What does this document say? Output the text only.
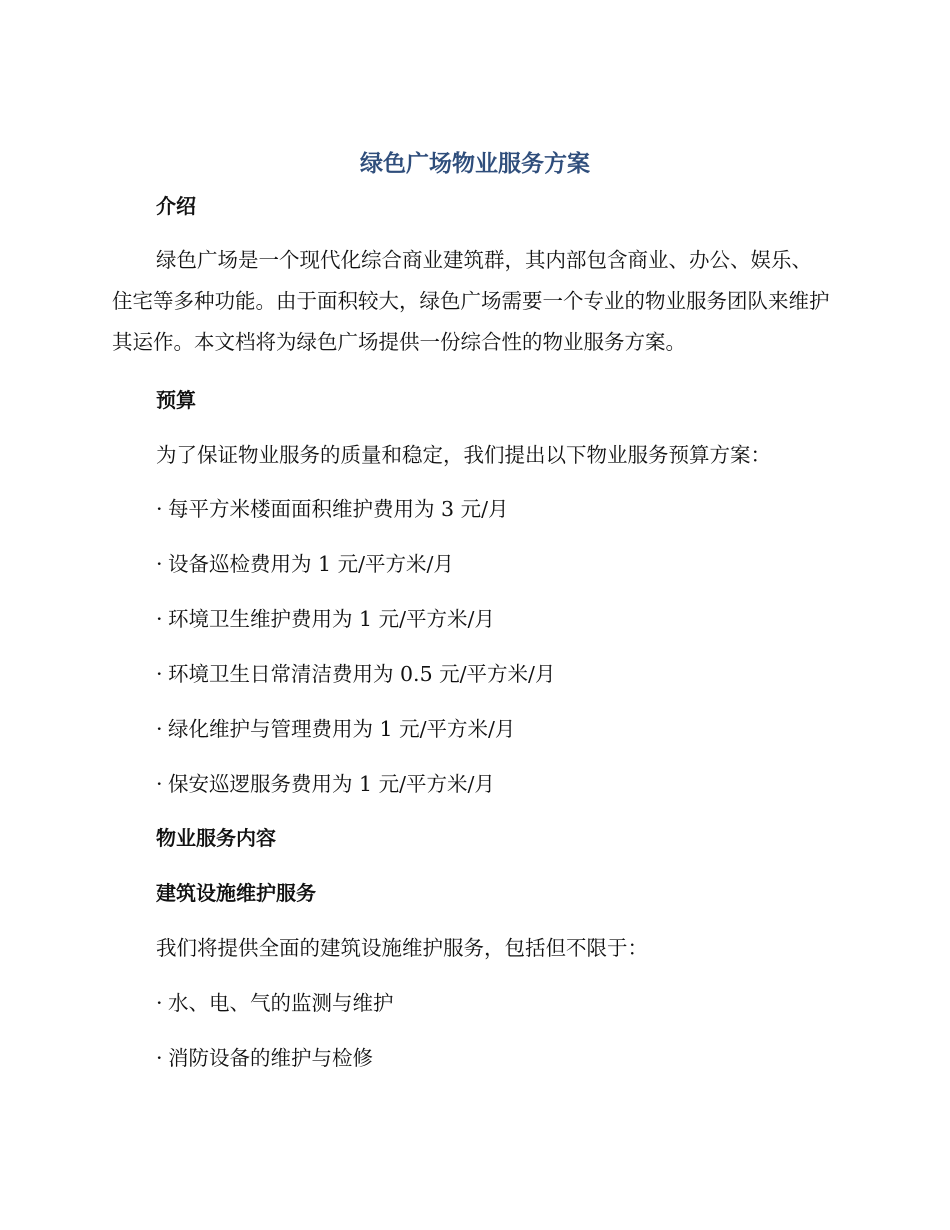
绿色广场物业服务方案
介绍

绿色广场是一个现代化综合商业建筑群，其内部包含商业、办公、娱乐、住宅等多种功能。由于面积较大，绿色广场需要一个专业的物业服务团队来维护其运作。本文档将为绿色广场提供一份综合性的物业服务方案。

预算

为了保证物业服务的质量和稳定，我们提出以下物业服务预算方案：

· 每平方米楼面面积维护费用为 3 元/月

· 设备巡检费用为 1 元/平方米/月

· 环境卫生维护费用为 1 元/平方米/月

· 环境卫生日常清洁费用为 0.5 元/平方米/月

· 绿化维护与管理费用为 1 元/平方米/月

· 保安巡逻服务费用为 1 元/平方米/月

物业服务内容
建筑设施维护服务

我们将提供全面的建筑设施维护服务，包括但不限于：

· 水、电、气的监测与维护

· 消防设备的维护与检修
